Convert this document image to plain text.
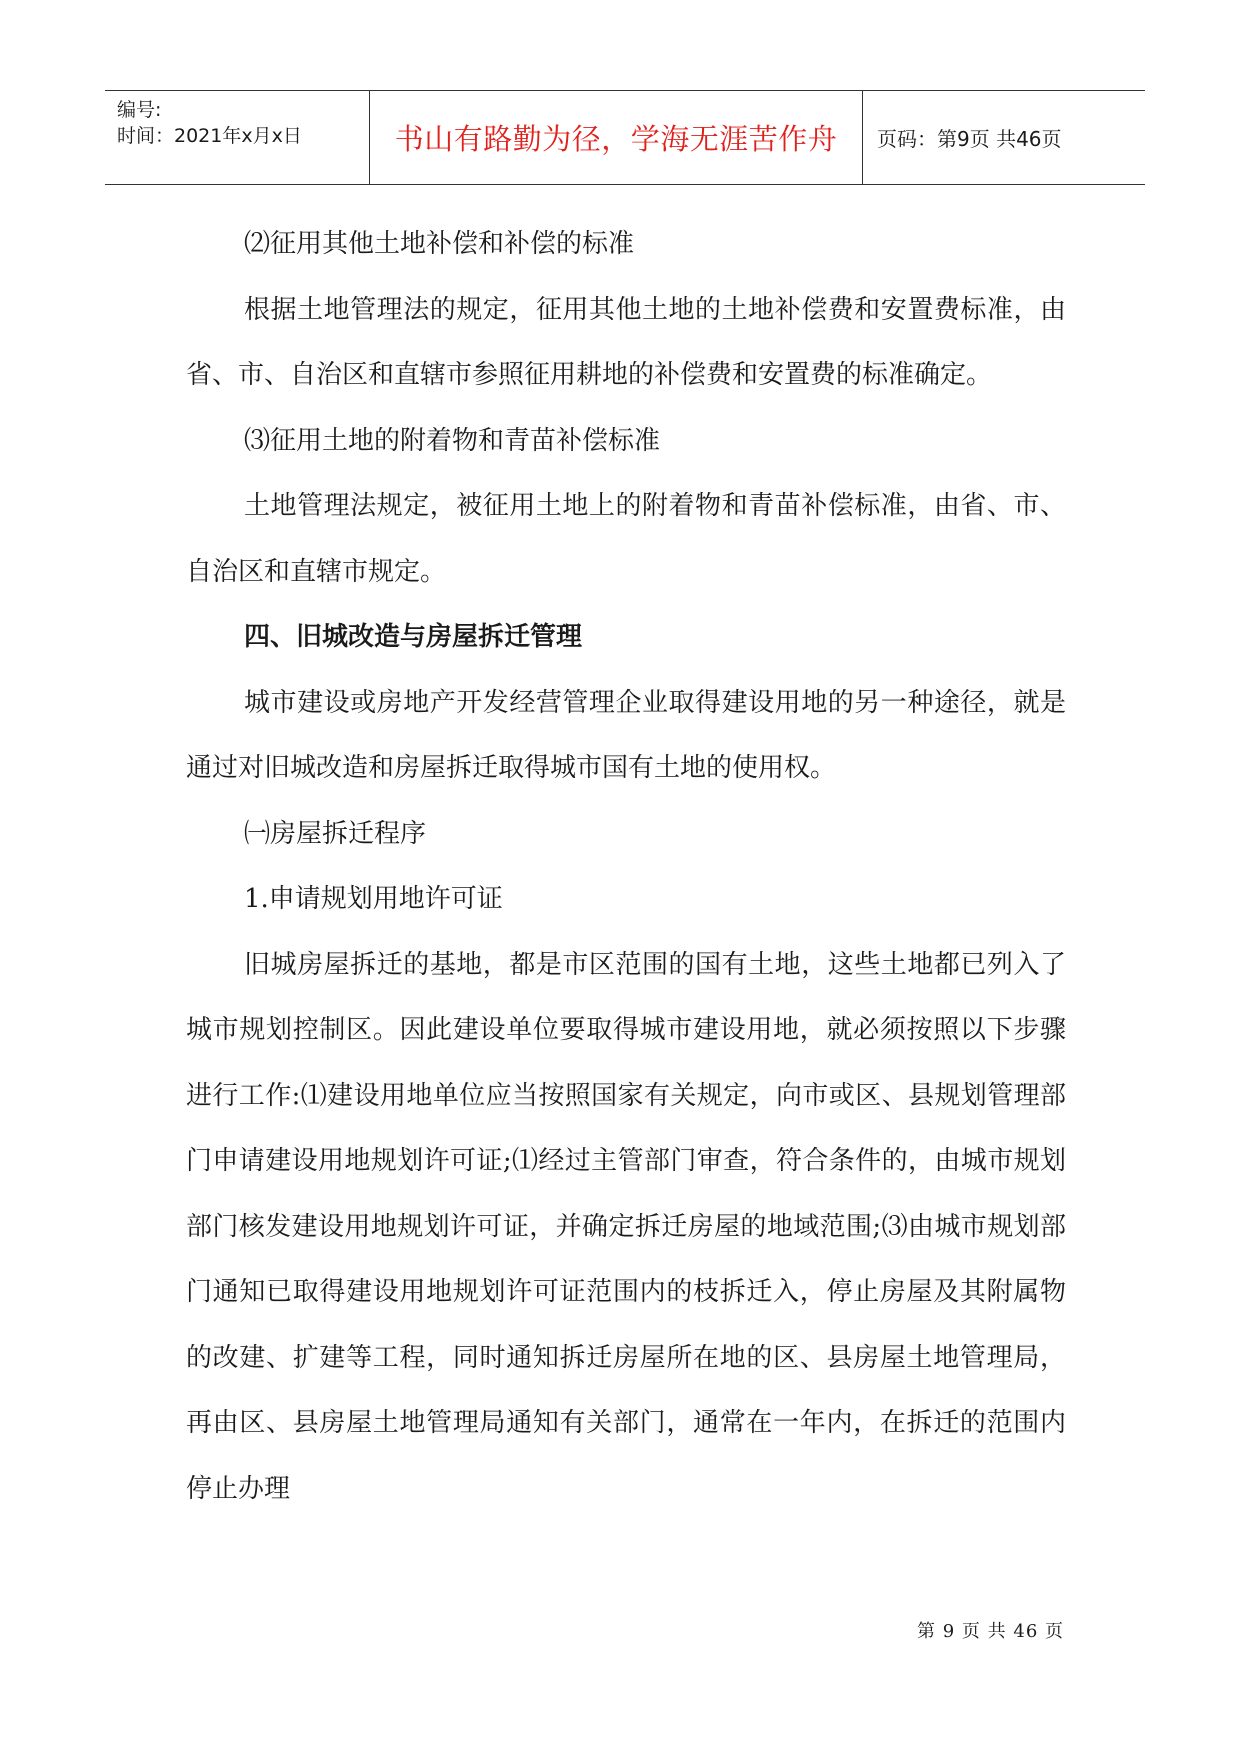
编号:
时间：2021年x月x日	书山有路勤为径，学海无涯苦作舟 页码：第9页 共46页

⑵征用其他土地补偿和补偿的标准

根据土地管理法的规定，征用其他土地的土地补偿费和安置费标准，由省、市、自治区和直辖市参照征用耕地的补偿费和安置费的标准确定。

⑶征用土地的附着物和青苗补偿标准

土地管理法规定，被征用土地上的附着物和青苗补偿标准，由省、市、自治区和直辖市规定。

四、旧城改造与房屋拆迁管理

城市建设或房地产开发经营管理企业取得建设用地的另一种途径，就是通过对旧城改造和房屋拆迁取得城市国有土地的使用权。

㈠房屋拆迁程序

1.申请规划用地许可证

旧城房屋拆迁的基地，都是市区范围的国有土地，这些土地都已列入了城市规划控制区。因此建设单位要取得城市建设用地，就必须按照以下步骤进行工作:⑴建设用地单位应当按照国家有关规定，向市或区、县规划管理部门申请建设用地规划许可证;⑴经过主管部门审查，符合条件的，由城市规划部门核发建设用地规划许可证，并确定拆迁房屋的地域范围;⑶由城市规划部门通知已取得建设用地规划许可证范围内的枝拆迁入，停止房屋及其附属物的改建、扩建等工程，同时通知拆迁房屋所在地的区、县房屋土地管理局，再由区、县房屋土地管理局通知有关部门，通常在一年内，在拆迁的范围内停止办理

第 9 页 共 46 页
